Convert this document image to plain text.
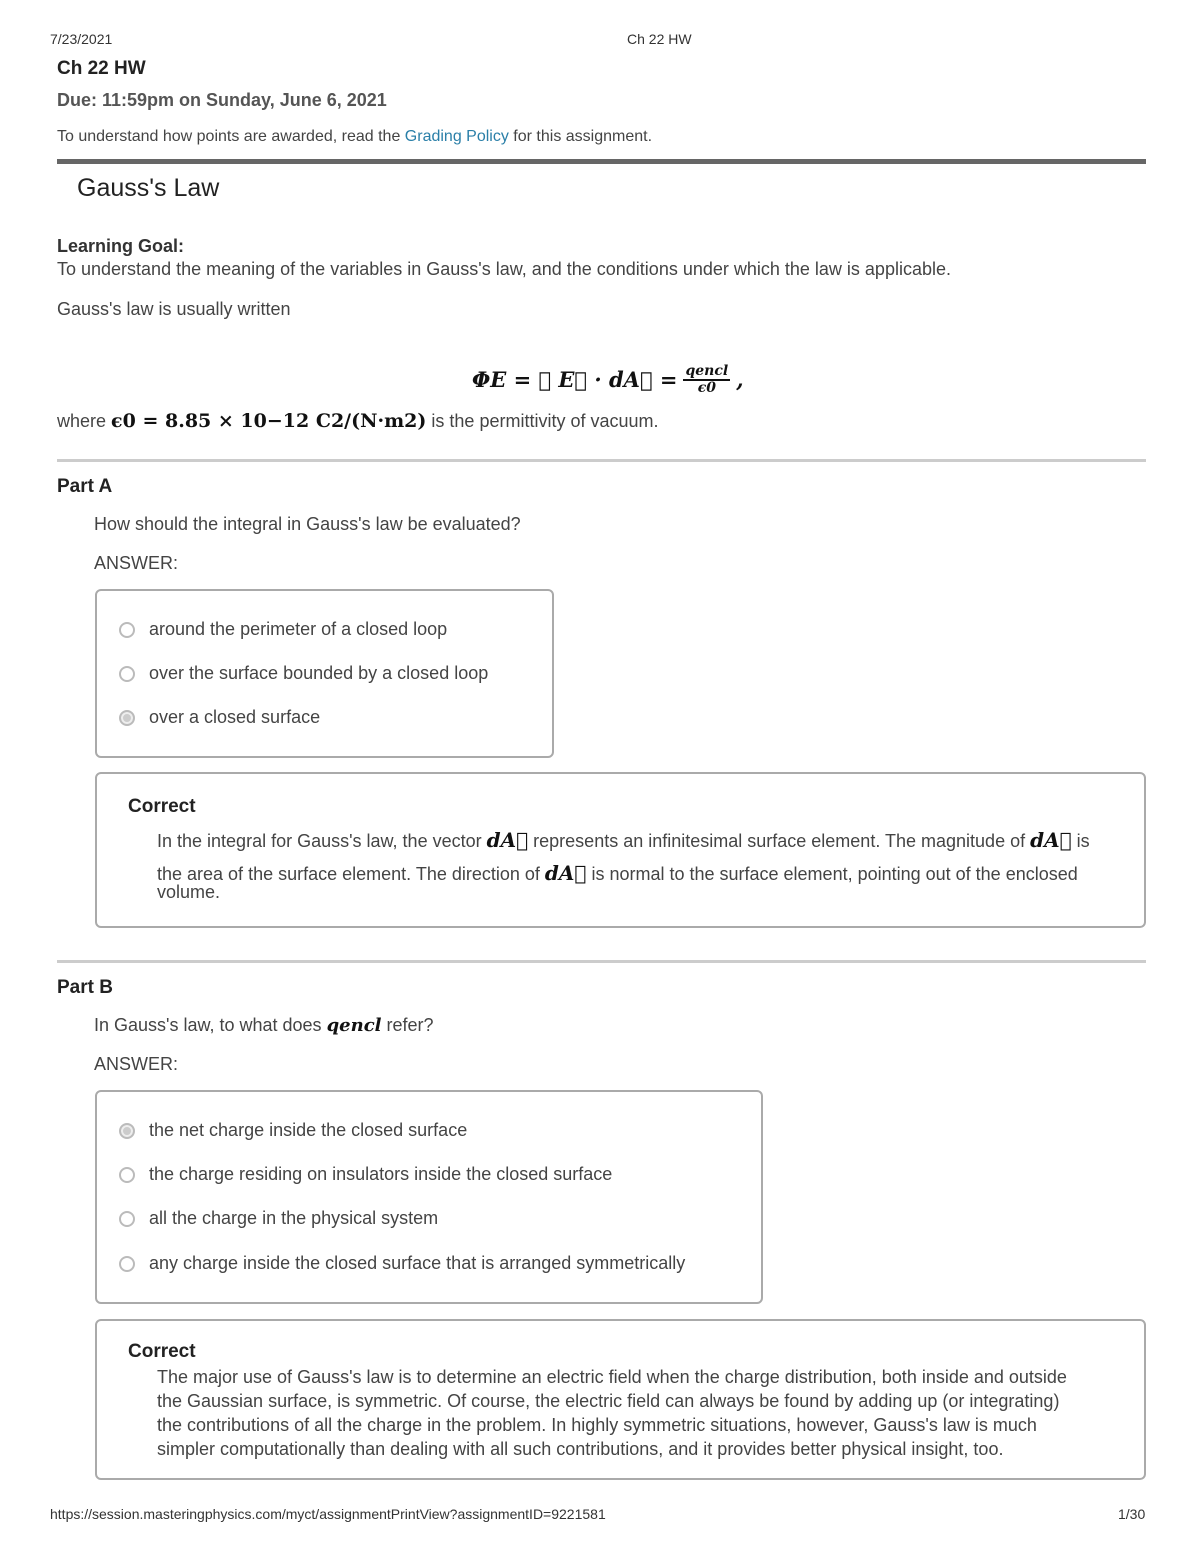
7/23/2021	Ch 22 HW
Ch 22 HW
Due: 11:59pm on Sunday, June 6, 2021
To understand how points are awarded, read the Grading Policy for this assignment.
Gauss's Law
Learning Goal:
To understand the meaning of the variables in Gauss's law, and the conditions under which the law is applicable.
Gauss's law is usually written
ΦE = ∮ E⃗ · dA⃗ = $\frac{\text{qencl}}{\epsilon 0}$ ,
where ϵ0 = 8.85 × 10−12 C2/(N·m2) is the permittivity of vacuum.
Part A
How should the integral in Gauss's law be evaluated?
ANSWER:
around the perimeter of a closed loop
over the surface bounded by a closed loop
over a closed surface
Correct
In the integral for Gauss's law, the vector dA⃗ represents an infinitesimal surface element. The magnitude of dA⃗ is
the area of the surface element. The direction of dA⃗ is normal to the surface element, pointing out of the enclosed
volume.
Part B
In Gauss's law, to what does qencl refer?
ANSWER:
the net charge inside the closed surface
the charge residing on insulators inside the closed surface
all the charge in the physical system
any charge inside the closed surface that is arranged symmetrically
Correct
The major use of Gauss's law is to determine an electric field when the charge distribution, both inside and outside
the Gaussian surface, is symmetric. Of course, the electric field can always be found by adding up (or integrating)
the contributions of all the charge in the problem. In highly symmetric situations, however, Gauss's law is much
simpler computationally than dealing with all such contributions, and it provides better physical insight, too.
https://session.masteringphysics.com/myct/assignmentPrintView?assignmentID=9221581	1/30
